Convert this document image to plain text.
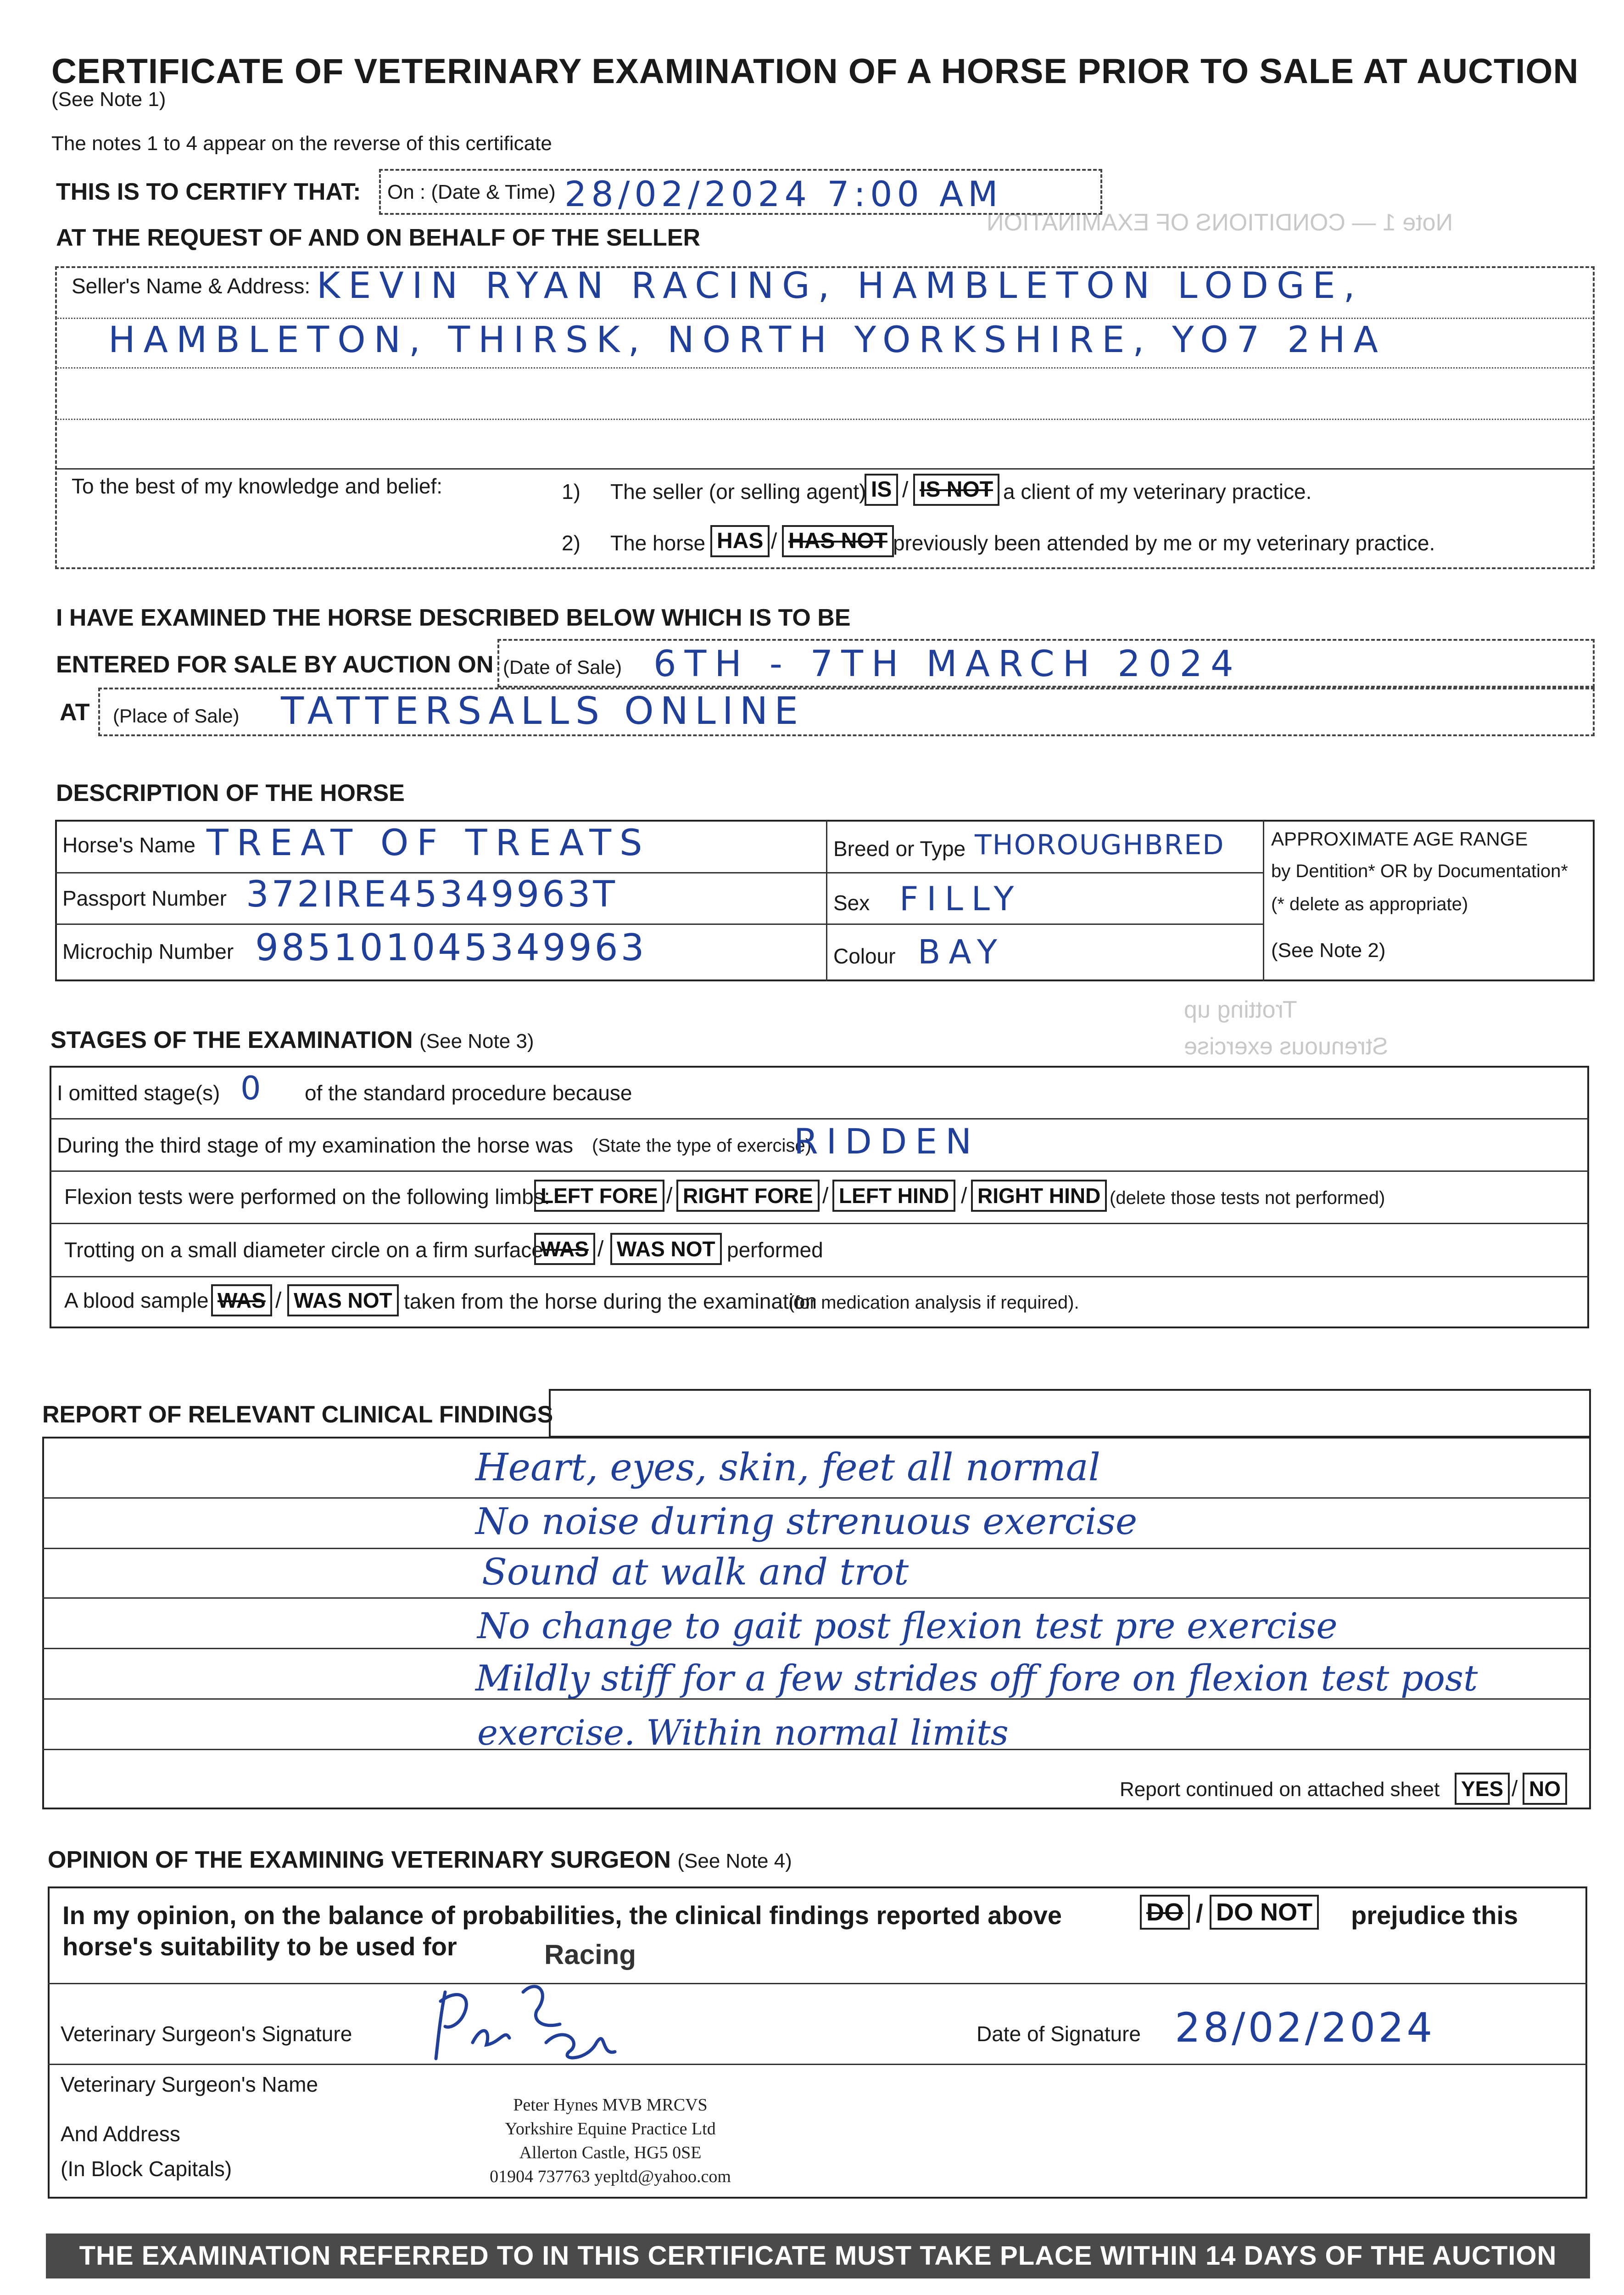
Note 1 — CONDITIONS OF EXAMINATION
Trotting up
Strenuous exercise
CERTIFICATE OF VETERINARY EXAMINATION OF A HORSE PRIOR TO SALE AT AUCTION
(See Note 1)
The notes 1 to 4 appear on the reverse of this certificate
THIS IS TO CERTIFY THAT: On : (Date & Time) 28/02/2024 7:00 AM
AT THE REQUEST OF AND ON BEHALF OF THE SELLER
Seller's Name & Address: KEVIN RYAN RACING, HAMBLETON LODGE,
HAMBLETON, THIRSK, NORTH YORKSHIRE, YO7 2HA
To the best of my knowledge and belief:	1) The seller (or selling agent) IS / IS NOT a client of my veterinary practice.
2) The horse HAS / HAS NOT previously been attended by me or my veterinary practice.
I HAVE EXAMINED THE HORSE DESCRIBED BELOW WHICH IS TO BE
ENTERED FOR SALE BY AUCTION ON (Date of Sale) 6TH - 7TH MARCH 2024
AT (Place of Sale) TATTERSALLS ONLINE
DESCRIPTION OF THE HORSE
Horse's Name TREAT OF TREATS
Passport Number 372IRE45349963T
Microchip Number 985101045349963
Breed or Type THOROUGHBRED
Sex FILLY
Colour BAY
APPROXIMATE AGE RANGE
by Dentition* OR by Documentation*
(* delete as appropriate)
(See Note 2)
STAGES OF THE EXAMINATION (See Note 3)
I omitted stage(s) 0 of the standard procedure because
During the third stage of my examination the horse was (State the type of exercise)
RIDDEN
Flexion tests were performed on the following limbs:
LEFT FORE / RIGHT FORE / LEFT HIND / RIGHT HIND (delete those tests not performed)
Trotting on a small diameter circle on a firm surface
WAS / WAS NOT performed
A blood sample WAS / WAS NOT taken from the horse during the examination
(for medication analysis if required).
REPORT OF RELEVANT CLINICAL FINDINGS
Heart, eyes, skin, feet all normal
No noise during strenuous exercise
Sound at walk and trot
No change to gait post flexion test pre exercise
Mildly stiff for a few strides off fore on flexion test post
exercise. Within normal limits
Report continued on attached sheet	YES / NO
OPINION OF THE EXAMINING VETERINARY SURGEON (See Note 4)
In my opinion, on the balance of probabilities, the clinical findings reported above	DO / DO NOT prejudice this
horse's suitability to be used for	Racing
Veterinary Surgeon's Signature	Date of Signature 28/02/2024
Veterinary Surgeon's Name
And Address
(In Block Capitals)
Peter Hynes MVB MRCVS
Yorkshire Equine Practice Ltd
Allerton Castle, HG5 0SE
01904 737763 yepltd@yahoo.com
THE EXAMINATION REFERRED TO IN THIS CERTIFICATE MUST TAKE PLACE WITHIN 14 DAYS OF THE AUCTION
